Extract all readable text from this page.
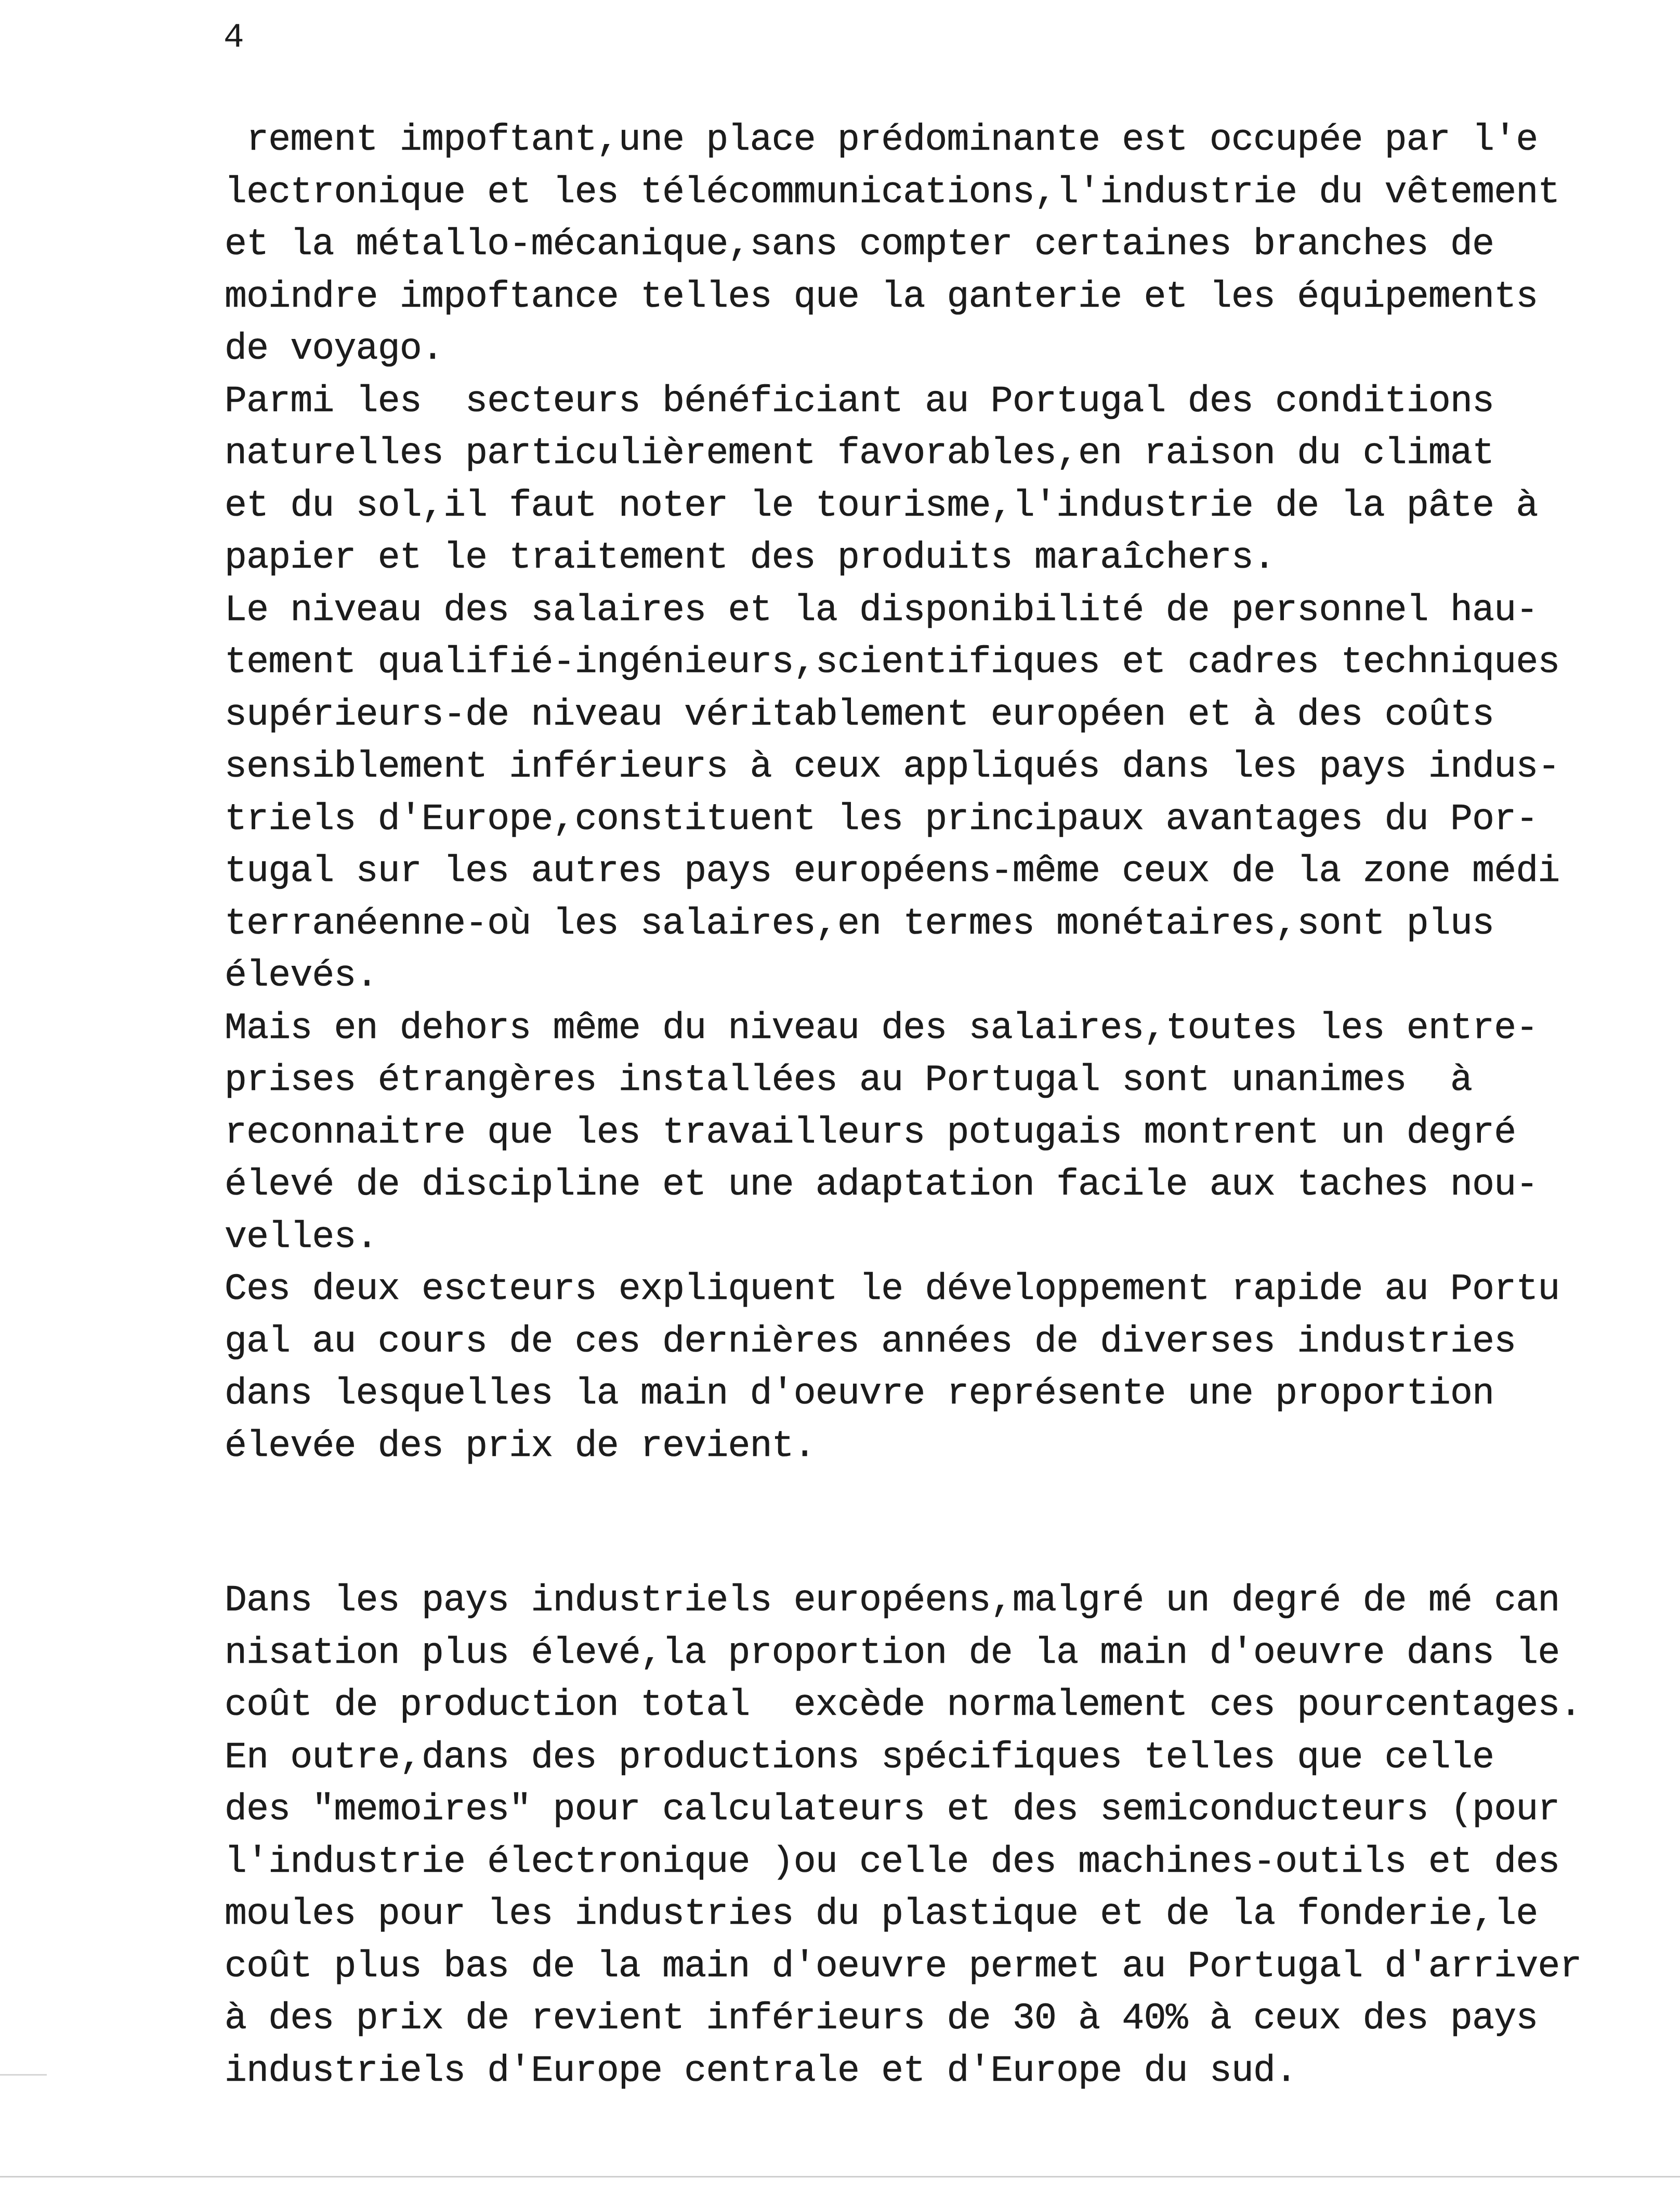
4
rement impoftant,une place prédominante est occupée par l'e
lectronique et les télécommunications,l'industrie du vêtement
et la métallo-mécanique,sans compter certaines branches de
moindre impoftance telles que la ganterie et les équipements
de voyago.
Parmi les  secteurs bénéficiant au Portugal des conditions
naturelles particulièrement favorables,en raison du climat
et du sol,il faut noter le tourisme,l'industrie de la pâte à
papier et le traitement des produits maraîchers.
Le niveau des salaires et la disponibilité de personnel hau-
tement qualifié-ingénieurs,scientifiques et cadres techniques
supérieurs-de niveau véritablement européen et à des coûts
sensiblement inférieurs à ceux appliqués dans les pays indus-
triels d'Europe,constituent les principaux avantages du Por-
tugal sur les autres pays européens-même ceux de la zone médi
terranéenne-où les salaires,en termes monétaires,sont plus
élevés.
Mais en dehors même du niveau des salaires,toutes les entre-
prises étrangères installées au Portugal sont unanimes  à
reconnaitre que les travailleurs potugais montrent un degré
élevé de discipline et une adaptation facile aux taches nou-
velles.
Ces deux escteurs expliquent le développement rapide au Portu
gal au cours de ces dernières années de diverses industries
dans lesquelles la main d'oeuvre représente une proportion
élevée des prix de revient.
Dans les pays industriels européens,malgré un degré de mé can
nisation plus élevé,la proportion de la main d'oeuvre dans le
coût de production total  excède normalement ces pourcentages.
En outre,dans des productions spécifiques telles que celle
des "memoires" pour calculateurs et des semiconducteurs (pour
l'industrie électronique )ou celle des machines-outils et des
moules pour les industries du plastique et de la fonderie,le
coût plus bas de la main d'oeuvre permet au Portugal d'arriver
à des prix de revient inférieurs de 30 à 40% à ceux des pays
industriels d'Europe centrale et d'Europe du sud.
